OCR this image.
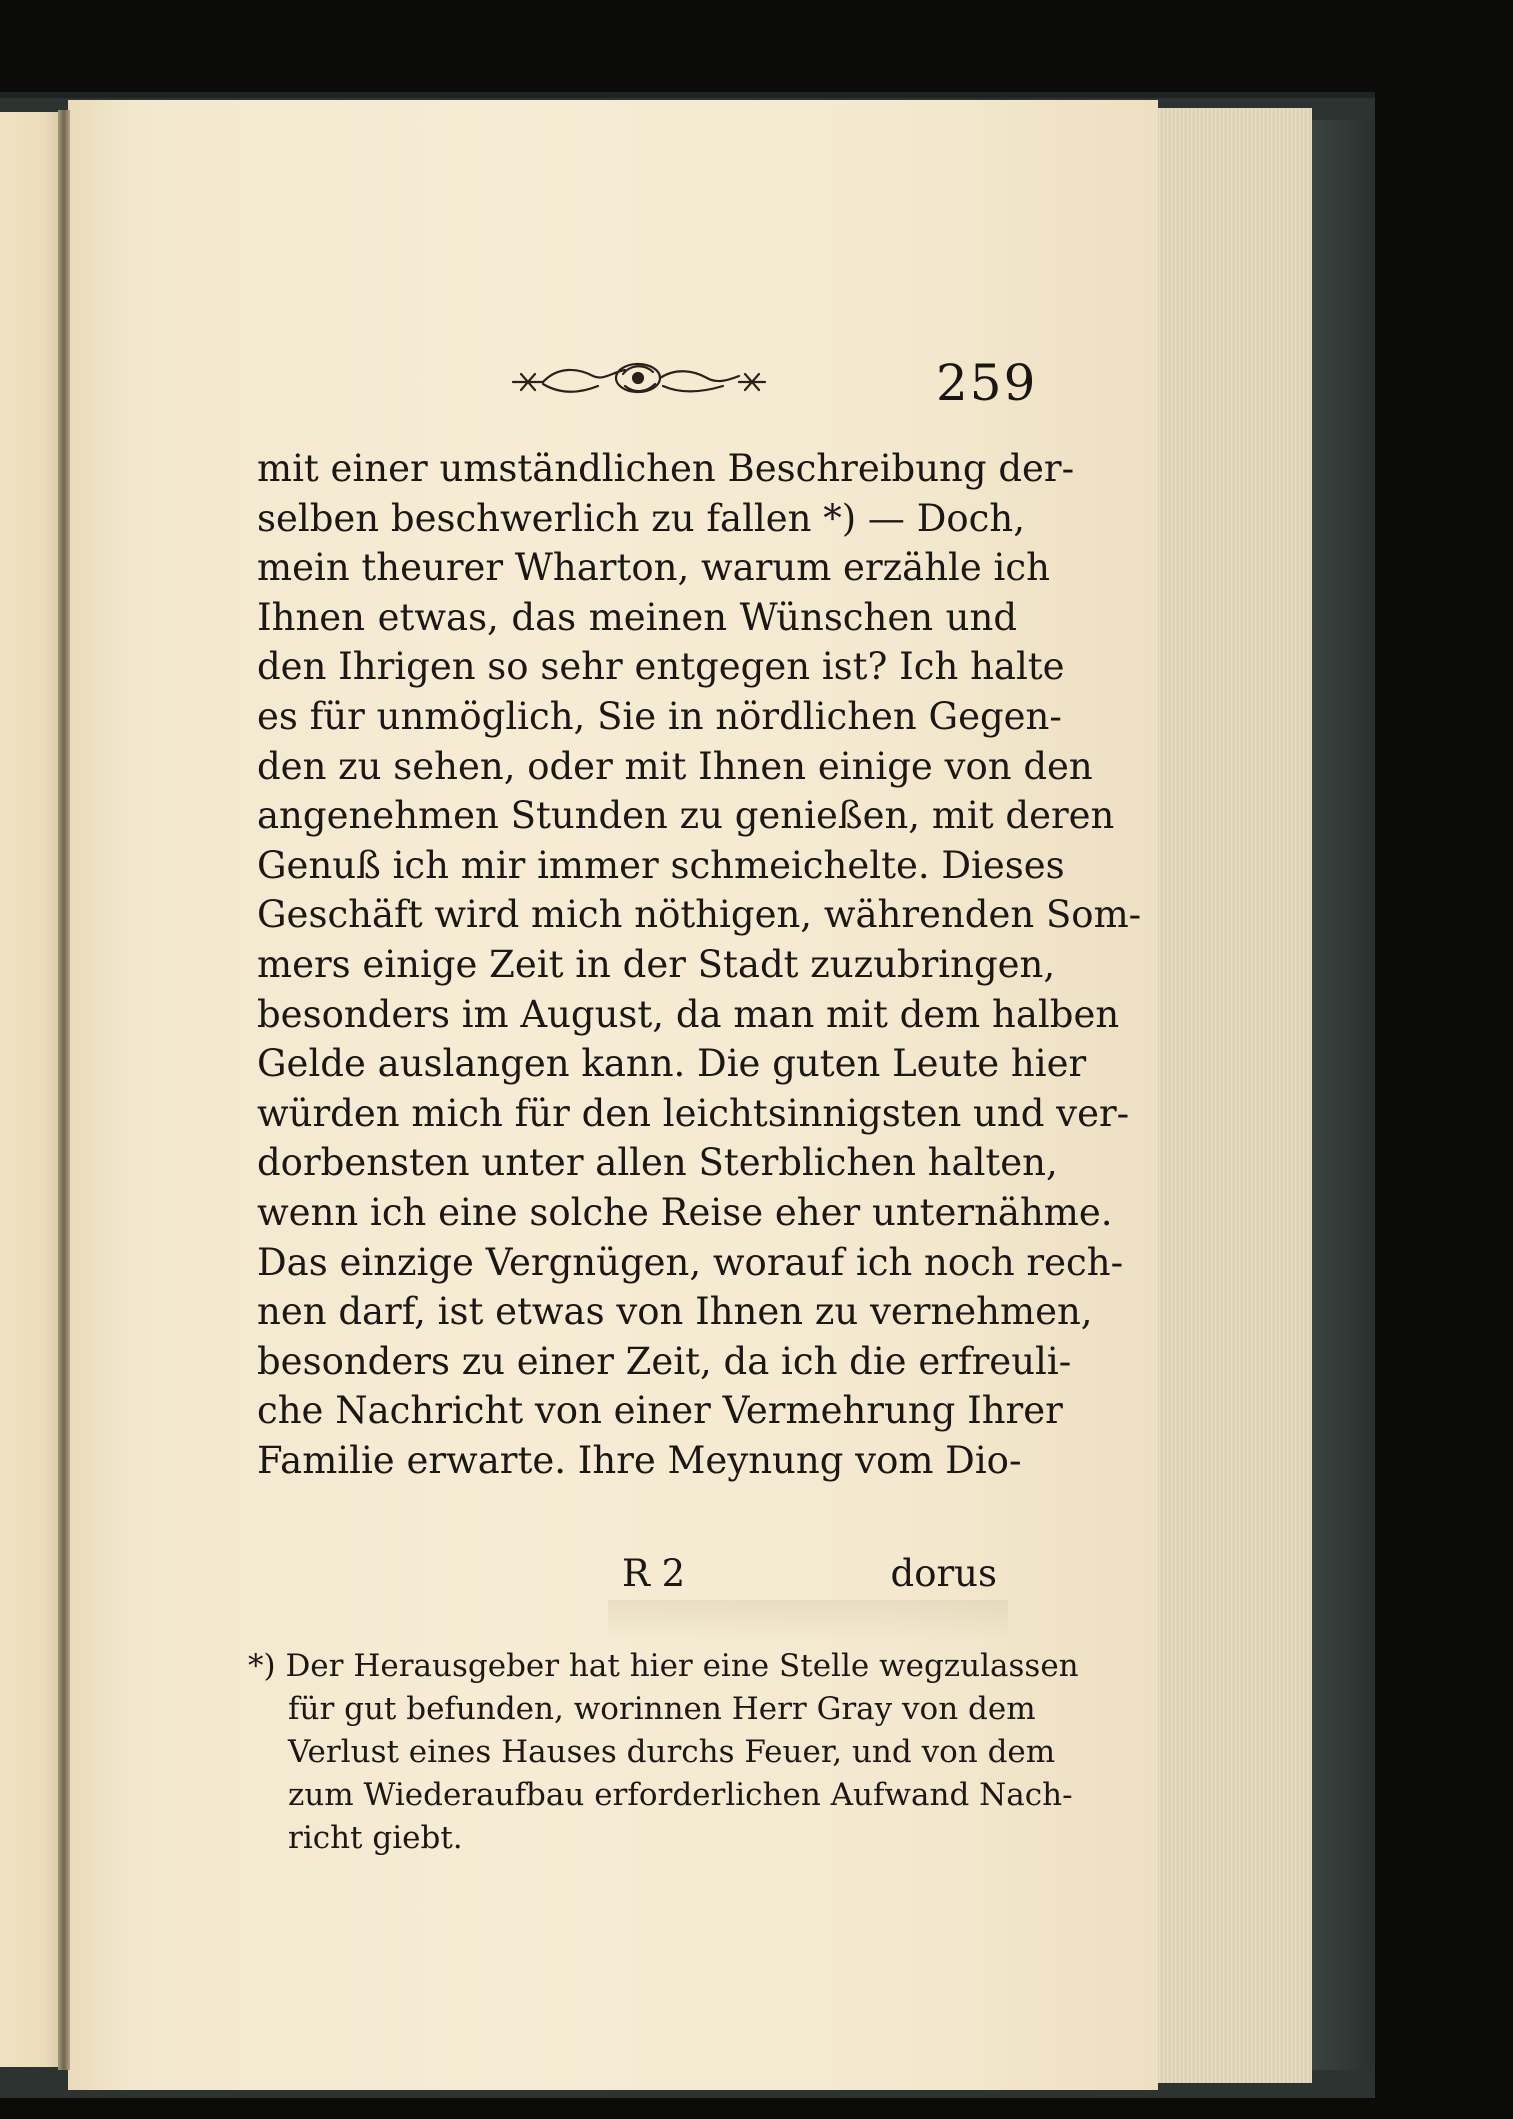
259
mit einer umständlichen Beschreibung der-
selben beschwerlich zu fallen *) — Doch,
mein theurer Wharton, warum erzähle ich
Ihnen etwas, das meinen Wünschen und
den Ihrigen so sehr entgegen ist? Ich halte
es für unmöglich, Sie in nördlichen Gegen-
den zu sehen, oder mit Ihnen einige von den
angenehmen Stunden zu genießen, mit deren
Genuß ich mir immer schmeichelte. Dieses
Geschäft wird mich nöthigen, währenden Som-
mers einige Zeit in der Stadt zuzubringen,
besonders im August, da man mit dem halben
Gelde auslangen kann. Die guten Leute hier
würden mich für den leichtsinnigsten und ver-
dorbensten unter allen Sterblichen halten,
wenn ich eine solche Reise eher unternähme.
Das einzige Vergnügen, worauf ich noch rech-
nen darf, ist etwas von Ihnen zu vernehmen,
besonders zu einer Zeit, da ich die erfreuli-
che Nachricht von einer Vermehrung Ihrer
Familie erwarte. Ihre Meynung vom Dio-
R 2	dorus
*) Der Herausgeber hat hier eine Stelle wegzulassen
für gut befunden, worinnen Herr Gray von dem
Verlust eines Hauses durchs Feuer, und von dem
zum Wiederaufbau erforderlichen Aufwand Nach-
richt giebt.
